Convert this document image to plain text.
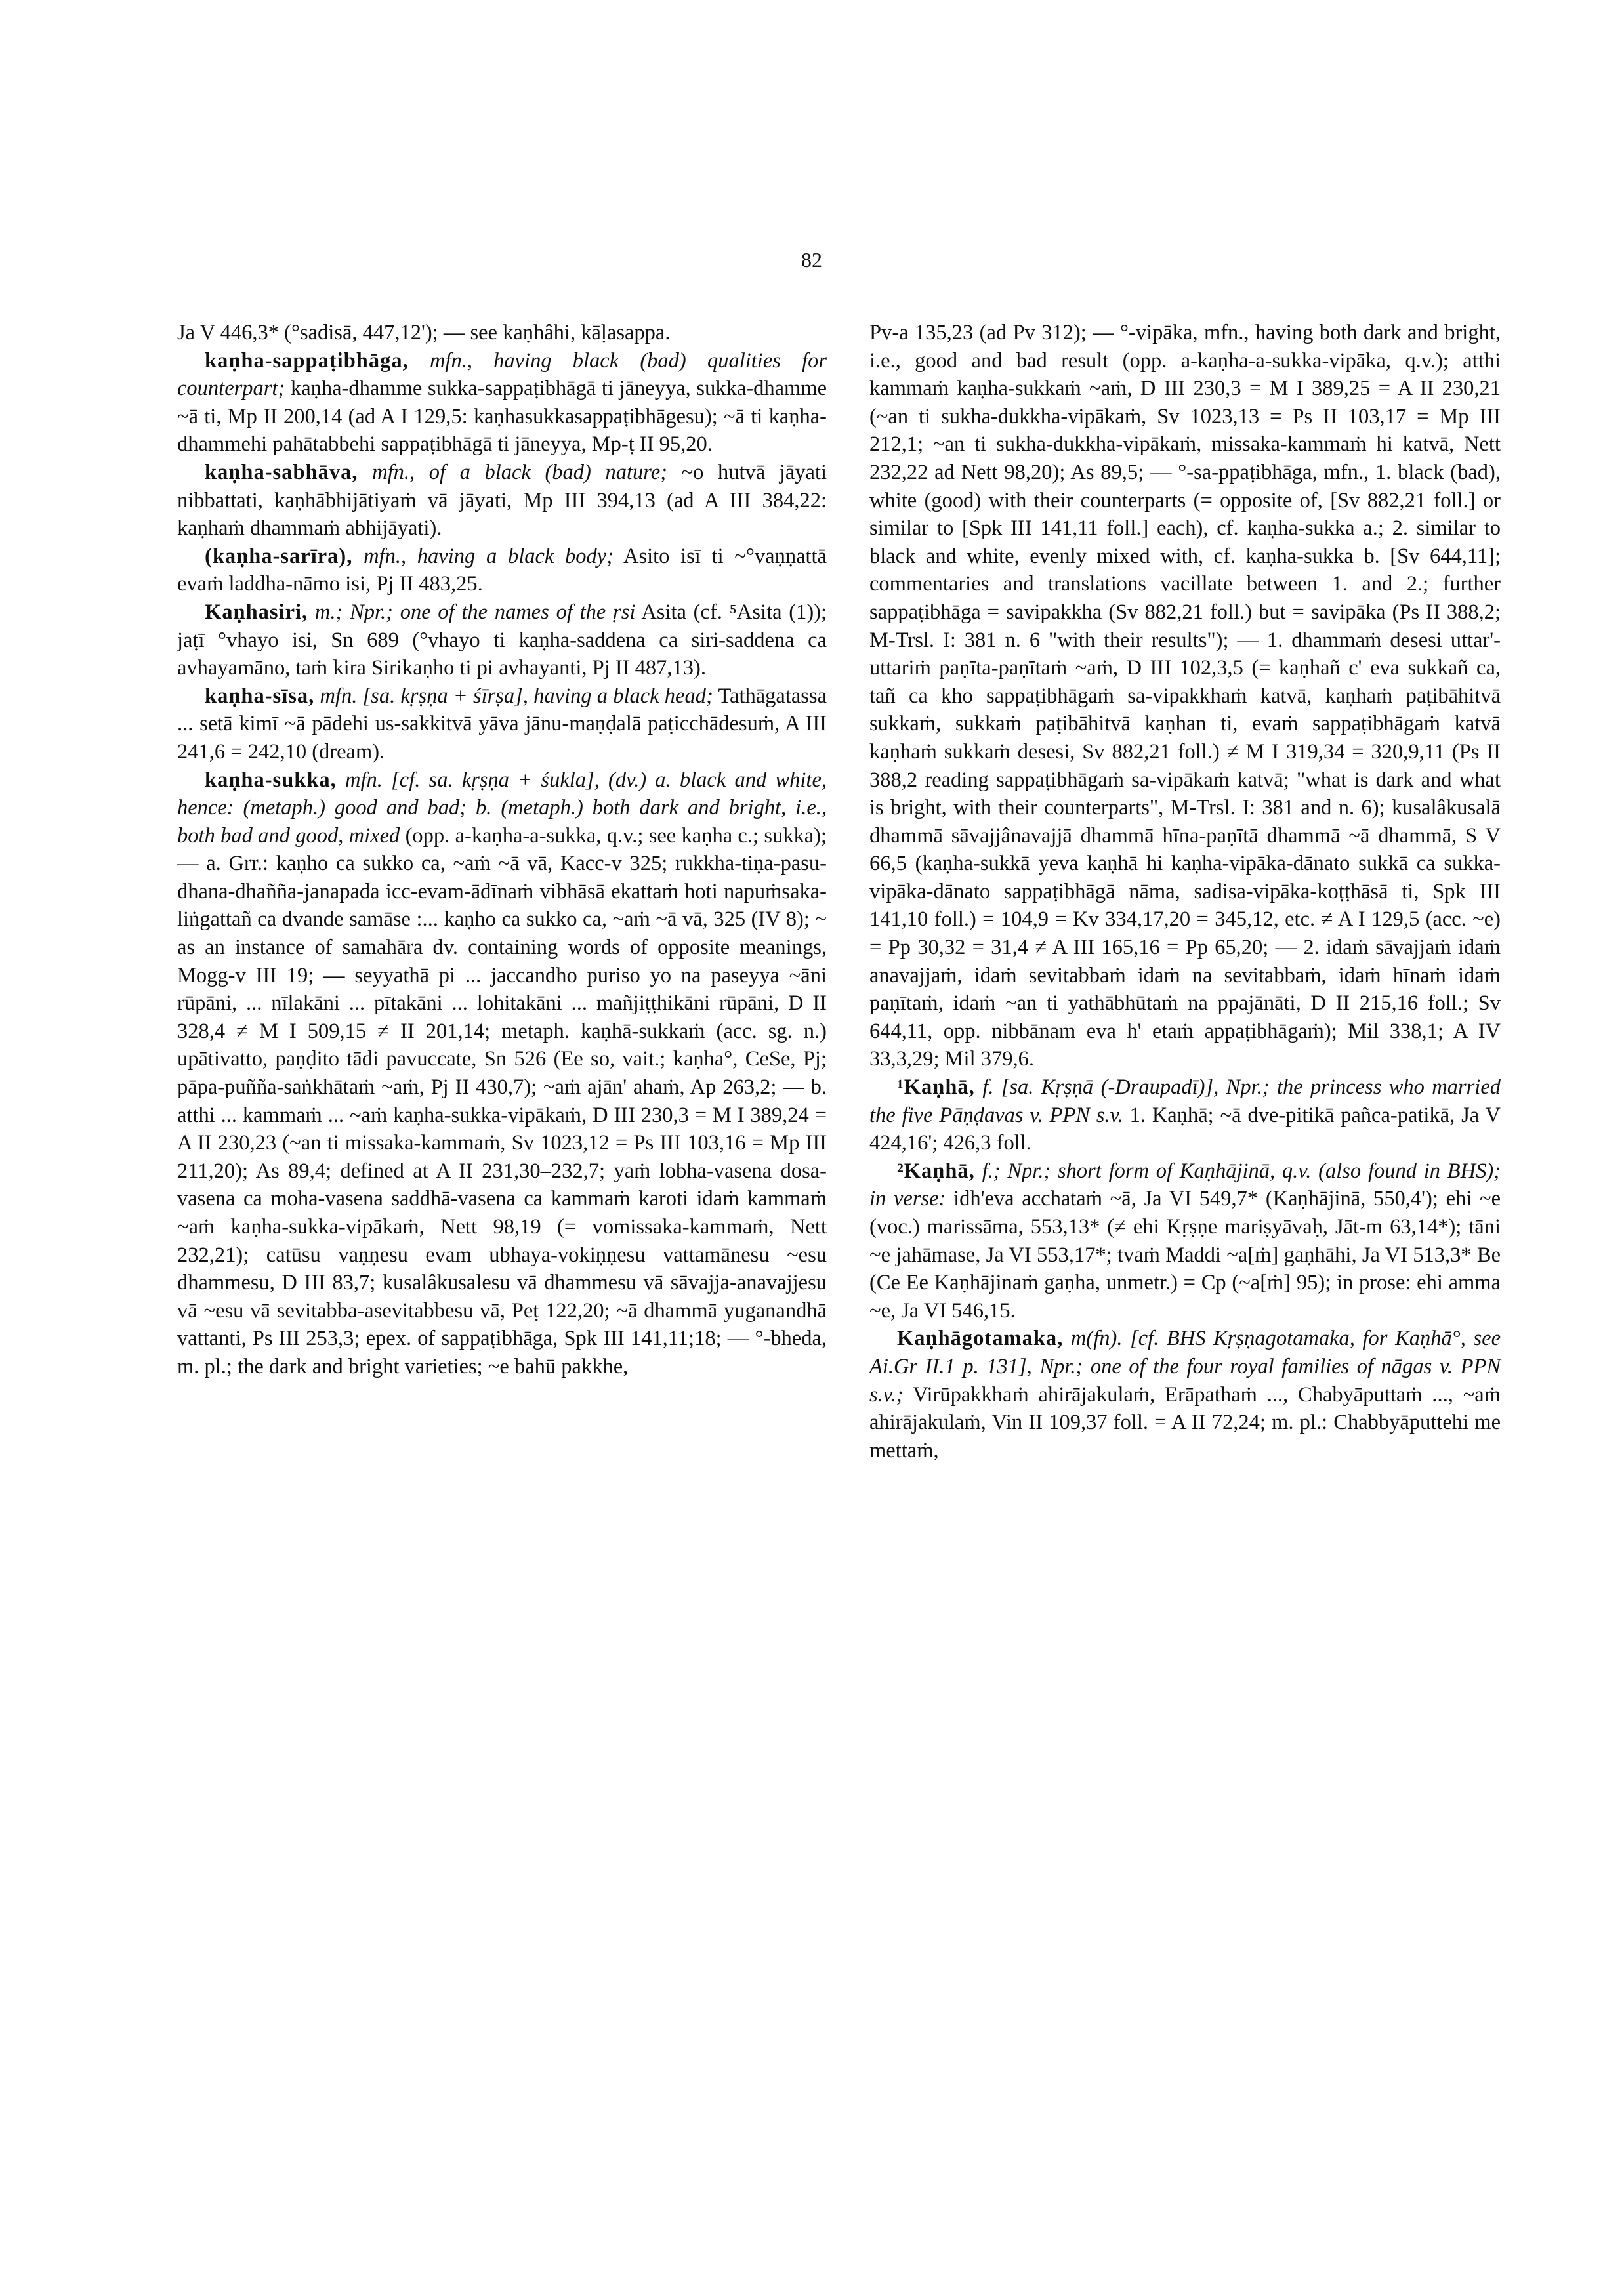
82

Ja V 446,3* (°sadisā, 447,12'); — see kaṇhâhi, kāḷasappa.

kaṇha-sappaṭibhāga, mfn., having black (bad) qualities for counterpart; kaṇha-dhamme sukka-sappaṭibhāgā ti jāneyya, sukka-dhamme ~ā ti, Mp II 200,14 (ad A I 129,5: kaṇhasukkasappaṭibhāgesu); ~ā ti kaṇha-dhammehi pahātabbehi sappaṭibhāgā ti jāneyya, Mp-ṭ II 95,20.

kaṇha-sabhāva, mfn., of a black (bad) nature; ~o hutvā jāyati nibbattati, kaṇhābhijātiyaṁ vā jāyati, Mp III 394,13 (ad A III 384,22: kaṇhaṁ dhammaṁ abhijāyati).

(kaṇha-sarīra), mfn., having a black body; Asito isī ti ~°vaṇṇattā evaṁ laddha-nāmo isi, Pj II 483,25.

Kaṇhasiri, m.; Npr.; one of the names of the ṛsi Asita (cf. ⁵Asita (1)); jaṭī °vhayo isi, Sn 689 (°vhayo ti kaṇha-saddena ca siri-saddena ca avhayamāno, taṁ kira Sirikaṇho ti pi avhayanti, Pj II 487,13).

kaṇha-sīsa, mfn. [sa. kṛṣṇa + śīrṣa], having a black head; Tathāgatassa ... setā kimī ~ā pādehi us-sakkitvā yāva jānu-maṇḍalā paṭicchādesuṁ, A III 241,6 = 242,10 (dream).

kaṇha-sukka, mfn. [cf. sa. kṛṣṇa + śukla], (dv.) a. black and white, hence: (metaph.) good and bad; b. (metaph.) both dark and bright, i.e., both bad and good, mixed (opp. a-kaṇha-a-sukka, q.v.; see kaṇha c.; sukka); — a. Grr.: kaṇho ca sukko ca, ~aṁ ~ā vā, Kacc-v 325; rukkha-tiṇa-pasu-dhana-dhañña-janapada icc-evam-ādīnaṁ vibhāsā ekattaṁ hoti napuṁsaka-liṅgattañ ca dvande samāse :... kaṇho ca sukko ca, ~aṁ ~ā vā, 325 (IV 8); ~ as an instance of samahāra dv. containing words of opposite meanings, Mogg-v III 19; — seyyathā pi ... jaccandho puriso yo na paseyya ~āni rūpāni, ... nīlakāni ... pītakāni ... lohitakāni ... mañjiṭṭhikāni rūpāni, D II 328,4 ≠ M I 509,15 ≠ II 201,14; metaph. kaṇhā-sukkaṁ (acc. sg. n.) upātivatto, paṇḍito tādi pavuccate, Sn 526 (Ee so, vait.; kaṇha°, CeSe, Pj; pāpa-puñña-saṅkhātaṁ ~aṁ, Pj II 430,7); ~aṁ ajān' ahaṁ, Ap 263,2; — b. atthi ... kammaṁ ... ~aṁ kaṇha-sukka-vipākaṁ, D III 230,3 = M I 389,24 = A II 230,23 (~an ti missaka-kammaṁ, Sv 1023,12 = Ps III 103,16 = Mp III 211,20); As 89,4; defined at A II 231,30–232,7; yaṁ lobha-vasena dosa-vasena ca moha-vasena saddhā-vasena ca kammaṁ karoti idaṁ kammaṁ ~aṁ kaṇha-sukka-vipākaṁ, Nett 98,19 (= vomissaka-kammaṁ, Nett 232,21); catūsu vaṇṇesu evam ubhaya-vokiṇṇesu vattamānesu ~esu dhammesu, D III 83,7; kusalâkusalesu vā dhammesu vā sāvajja-anavajjesu vā ~esu vā sevitabba-asevitabbesu vā, Peṭ 122,20; ~ā dhammā yuganandhā vattanti, Ps III 253,3; epex. of sappaṭibhāga, Spk III 141,11;18; — °-bheda, m. pl.; the dark and bright varieties; ~e bahū pakkhe,

Pv-a 135,23 (ad Pv 312); — °-vipāka, mfn., having both dark and bright, i.e., good and bad result (opp. a-kaṇha-a-sukka-vipāka, q.v.); atthi kammaṁ kaṇha-sukkaṁ ~aṁ, D III 230,3 = M I 389,25 = A II 230,21 (~an ti sukha-dukkha-vipākaṁ, Sv 1023,13 = Ps II 103,17 = Mp III 212,1; ~an ti sukha-dukkha-vipākaṁ, missaka-kammaṁ hi katvā, Nett 232,22 ad Nett 98,20); As 89,5; — °-sa-ppaṭibhāga, mfn., 1. black (bad), white (good) with their counterparts (= opposite of, [Sv 882,21 foll.] or similar to [Spk III 141,11 foll.] each), cf. kaṇha-sukka a.; 2. similar to black and white, evenly mixed with, cf. kaṇha-sukka b. [Sv 644,11]; commentaries and translations vacillate between 1. and 2.; further sappaṭibhāga = savipakkha (Sv 882,21 foll.) but = savipāka (Ps II 388,2; M-Trsl. I: 381 n. 6 "with their results"); — 1. dhammaṁ desesi uttar'-uttariṁ paṇīta-paṇītaṁ ~aṁ, D III 102,3,5 (= kaṇhañ c' eva sukkañ ca, tañ ca kho sappaṭibhāgaṁ sa-vipakkhaṁ katvā, kaṇhaṁ paṭibāhitvā sukkaṁ, sukkaṁ paṭibāhitvā kaṇhan ti, evaṁ sappaṭibhāgaṁ katvā kaṇhaṁ sukkaṁ desesi, Sv 882,21 foll.) ≠ M I 319,34 = 320,9,11 (Ps II 388,2 reading sappaṭibhāgaṁ sa-vipākaṁ katvā; "what is dark and what is bright, with their counterparts", M-Trsl. I: 381 and n. 6); kusalâkusalā dhammā sāvajjânavajjā dhammā hīna-paṇītā dhammā ~ā dhammā, S V 66,5 (kaṇha-sukkā yeva kaṇhā hi kaṇha-vipāka-dānato sukkā ca sukka-vipāka-dānato sappaṭibhāgā nāma, sadisa-vipāka-koṭṭhāsā ti, Spk III 141,10 foll.) = 104,9 = Kv 334,17,20 = 345,12, etc. ≠ A I 129,5 (acc. ~e) = Pp 30,32 = 31,4 ≠ A III 165,16 = Pp 65,20; — 2. idaṁ sāvajjaṁ idaṁ anavajjaṁ, idaṁ sevitabbaṁ idaṁ na sevitabbaṁ, idaṁ hīnaṁ idaṁ paṇītaṁ, idaṁ ~an ti yathābhūtaṁ na ppajānāti, D II 215,16 foll.; Sv 644,11, opp. nibbānam eva h' etaṁ appaṭibhāgaṁ); Mil 338,1; A IV 33,3,29; Mil 379,6.

¹Kaṇhā, f. [sa. Kṛṣṇā (-Draupadī)], Npr.; the princess who married the five Pāṇḍavas v. PPN s.v. 1. Kaṇhā; ~ā dve-pitikā pañca-patikā, Ja V 424,16'; 426,3 foll.

²Kaṇhā, f.; Npr.; short form of Kaṇhājinā, q.v. (also found in BHS); in verse: idh'eva acchataṁ ~ā, Ja VI 549,7* (Kaṇhājinā, 550,4'); ehi ~e (voc.) marissāma, 553,13* (≠ ehi Kṛṣṇe mariṣyāvaḥ, Jāt-m 63,14*); tāni ~e jahāmase, Ja VI 553,17*; tvaṁ Maddi ~a[ṁ] gaṇhāhi, Ja VI 513,3* Be (Ce Ee Kaṇhājinaṁ gaṇha, unmetr.) = Cp (~a[ṁ] 95); in prose: ehi amma ~e, Ja VI 546,15.

Kaṇhāgotamaka, m(fn). [cf. BHS Kṛṣṇagotamaka, for Kaṇhā°, see Ai.Gr II.1 p. 131], Npr.; one of the four royal families of nāgas v. PPN s.v.; Virūpakkhaṁ ahirājakulaṁ, Erāpathaṁ ..., Chabyāputtaṁ ..., ~aṁ ahirājakulaṁ, Vin II 109,37 foll. = A II 72,24; m. pl.: Chabbyāputtehi me mettaṁ,
